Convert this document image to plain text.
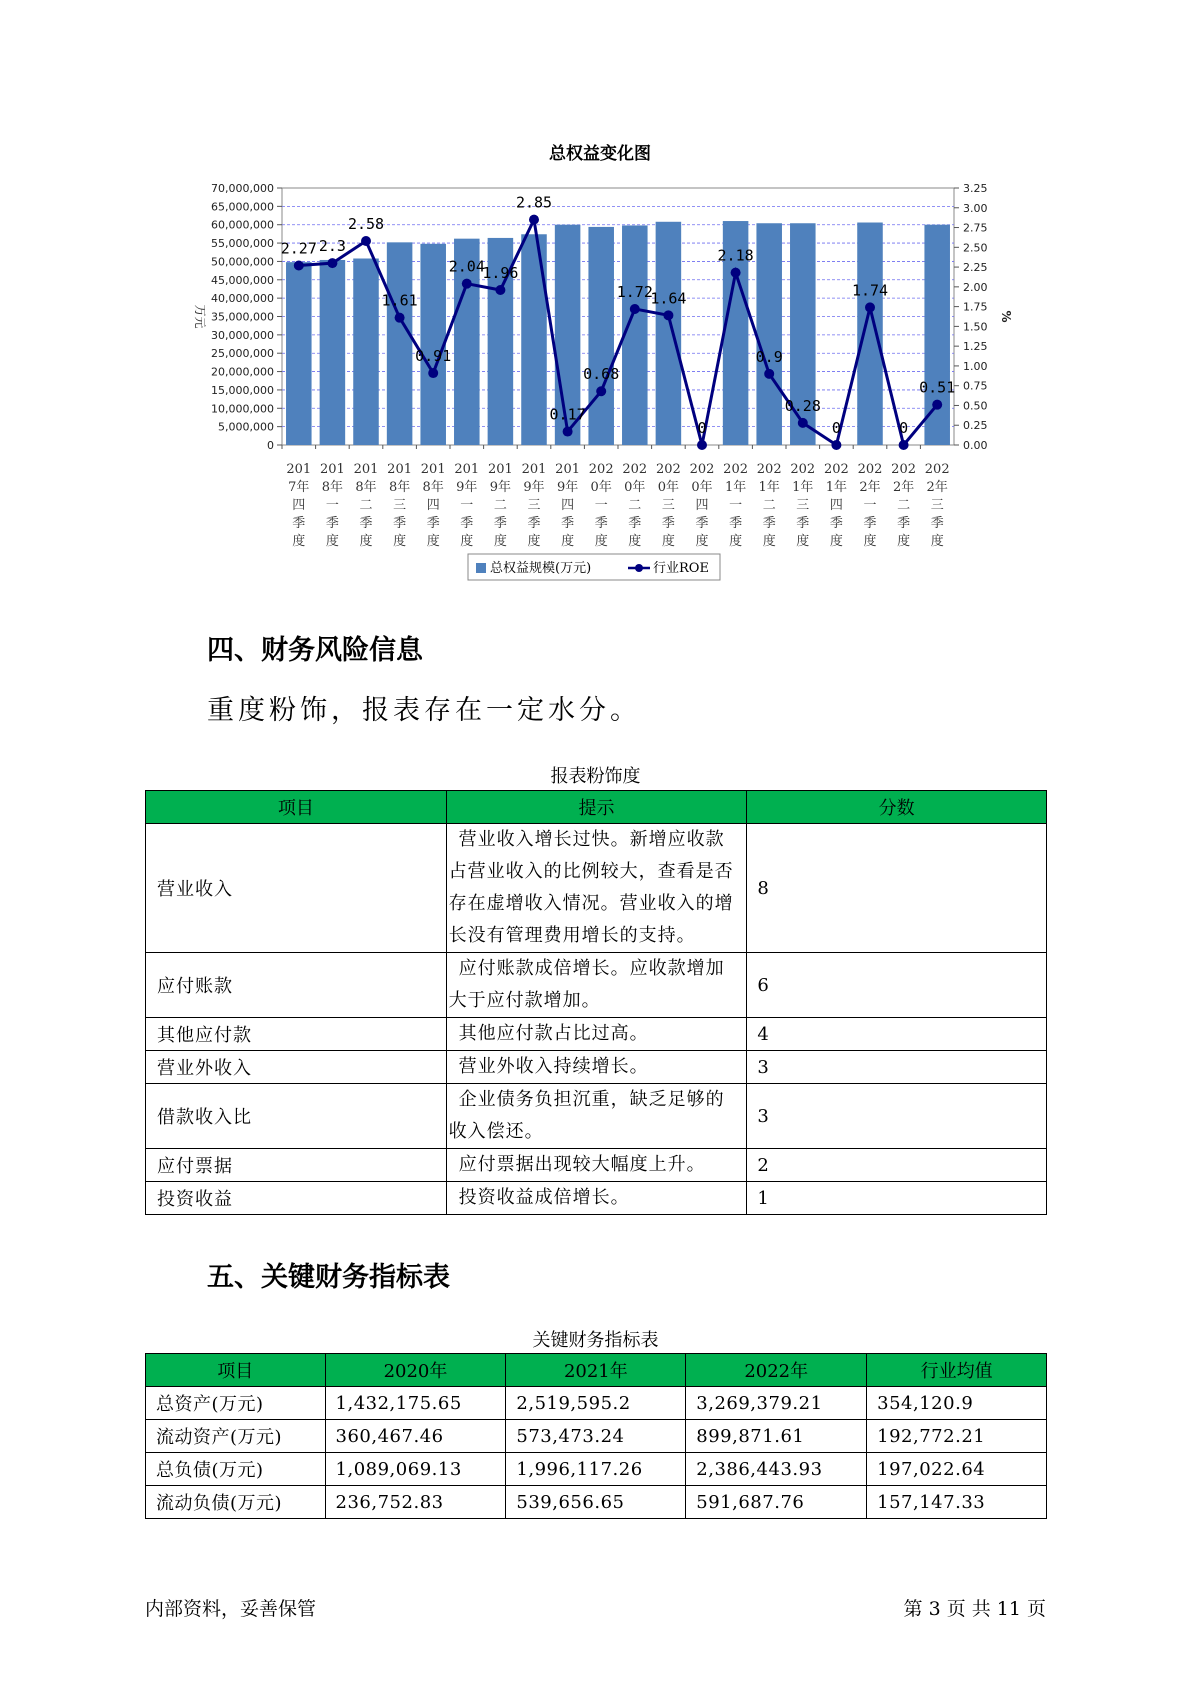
总权益变化图
70,000,000
65,000,000
60,000,000
55,000,000
50,000,000
45,000,000
40,000,000
35,000,000
30,000,000
25,000,000
20,000,000
15,000,000
10,000,000
5,000,000
0
3.25
3.00
2.75
2.50
2.25
2.00
1.75
1.50
1.25
1.00
0.75
0.50
0.25
0.00
万元	%
201 7年四季度
201 8年一季度
201 8年二季度
201 8年三季度
201 8年四季度
201 9年一季度
201 9年二季度
201 9年三季度
201 9年四季度
202 0年一季度
202 0年二季度
202 0年三季度
202 0年四季度
202 1年一季度
202 1年二季度
202 1年三季度
202 1年四季度
202 2年一季度
202 2年二季度
202 2年三季度
2.27 2.3
2.58
1.61
0.91
2.04
1.96
2.85
0.17
0.68
1.72
1.64
0
2.18
0.9
0.28
0
1.74
0
0.51
总权益规模(万元)	行业ROE
四、财务风险信息

重度粉饰，报表存在一定水分。

报表粉饰度
项目	提示	分数
营业收入	营业收入增长过快。新增应收款
占营业收入的比例较大，查看是否
存在虚增收入情况。营业收入的增
长没有管理费用增长的支持。	8
应付账款	应付账款成倍增长。应收款增加
大于应付款增加。	6
其他应付款	其他应付款占比过高。	4
营业外收入	营业外收入持续增长。	3
借款收入比	企业债务负担沉重，缺乏足够的
收入偿还。	3
应付票据	应付票据出现较大幅度上升。	2
投资收益	投资收益成倍增长。	1
五、关键财务指标表
关键财务指标表
项目	2020年	2021年	2022年	行业均值
总资产(万元)	1,432,175.65	2,519,595.2	3,269,379.21	354,120.9
流动资产(万元)	360,467.46	573,473.24	899,871.61	192,772.21
总负债(万元)	1,089,069.13	1,996,117.26	2,386,443.93	197,022.64
流动负债(万元)	236,752.83	539,656.65	591,687.76	157,147.33
内部资料，妥善保管	第 3 页 共 11 页
